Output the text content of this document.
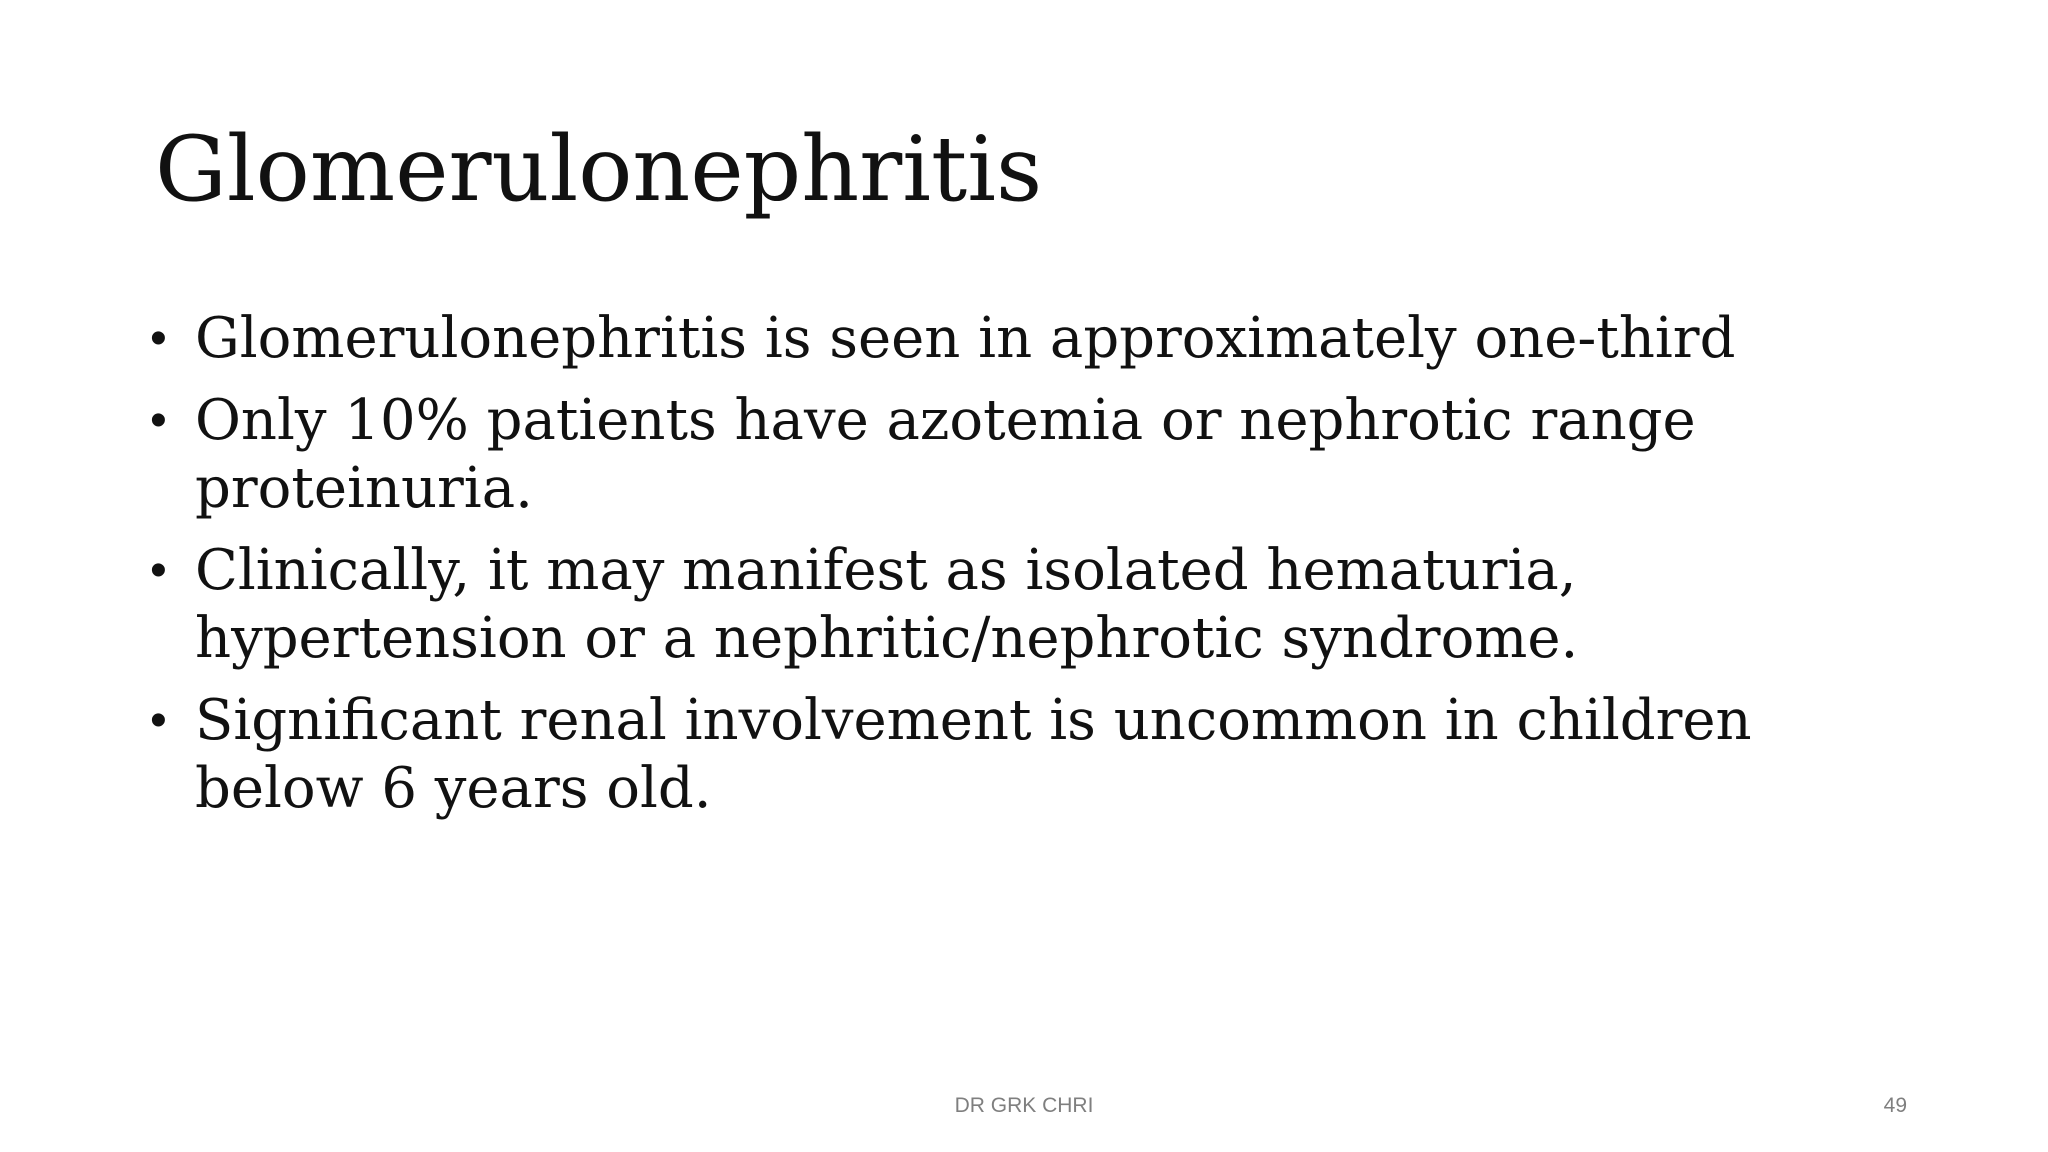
Glomerulonephritis
• Glomerulonephritis is seen in approximately one-third
• Only 10% patients have azotemia or nephrotic range proteinuria.
• Clinically, it may manifest as isolated hematuria, hypertension or a nephritic/nephrotic syndrome.
• Significant renal involvement is uncommon in children below 6 years old.
DR GRK CHRI	49
